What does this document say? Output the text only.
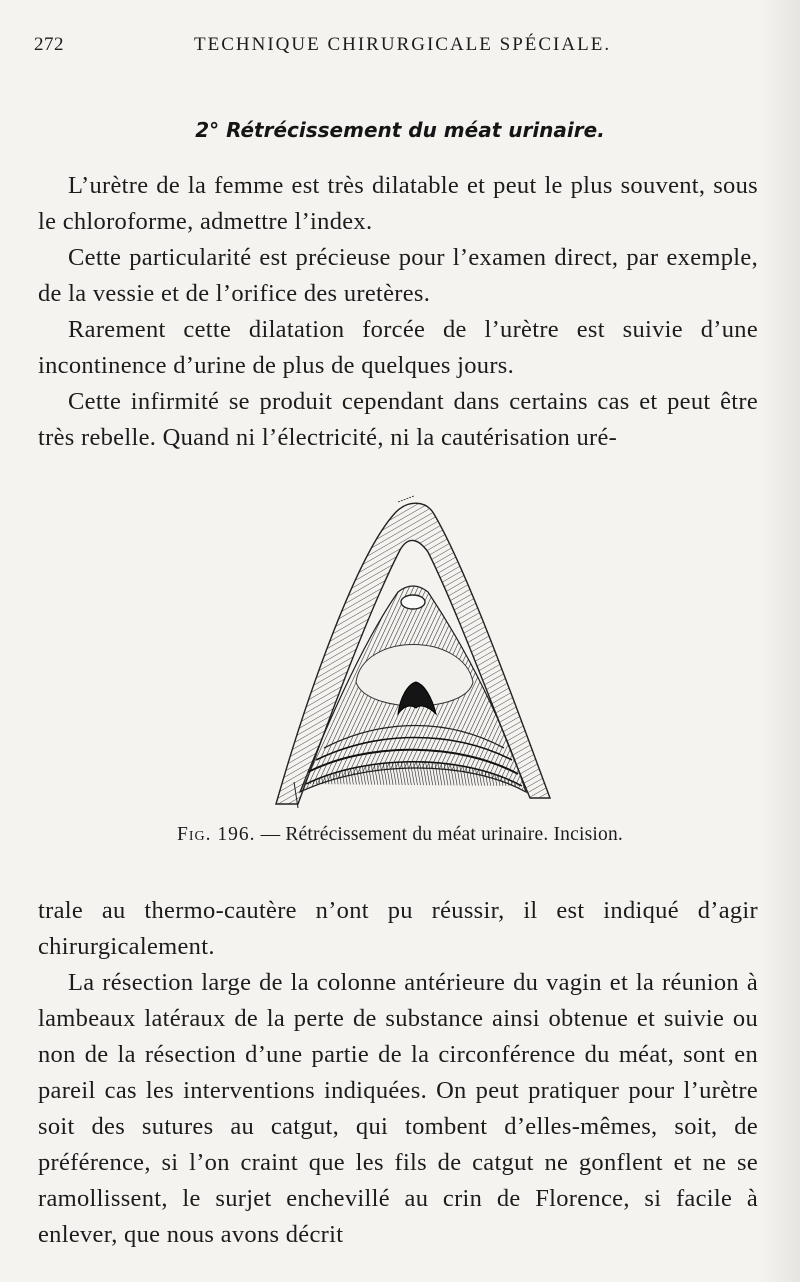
272	TECHNIQUE CHIRURGICALE SPÉCIALE.
2° Rétrécissement du méat urinaire.

L’urètre de la femme est très dilatable et peut le plus souvent, sous le chloroforme, admettre l’index.

Cette particularité est précieuse pour l’examen direct, par exemple, de la vessie et de l’orifice des uretères.

Rarement cette dilatation forcée de l’urètre est suivie d’une incontinence d’urine de plus de quelques jours.

Cette infirmité se produit cependant dans certains cas et peut être très rebelle. Quand ni l’électricité, ni la cautérisation uré-

Fig. 196. — Rétrécissement du méat urinaire. Incision.

trale au thermo-cautère n’ont pu réussir, il est indiqué d’agir chirurgicalement.

La résection large de la colonne antérieure du vagin et la réunion à lambeaux latéraux de la perte de substance ainsi obtenue et suivie ou non de la résection d’une partie de la circonférence du méat, sont en pareil cas les interventions indiquées. On peut pratiquer pour l’urètre soit des sutures au catgut, qui tombent d’elles-mêmes, soit, de préférence, si l’on craint que les fils de catgut ne gonflent et ne se ramollissent, le surjet enchevillé au crin de Florence, si facile à enlever, que nous avons décrit
